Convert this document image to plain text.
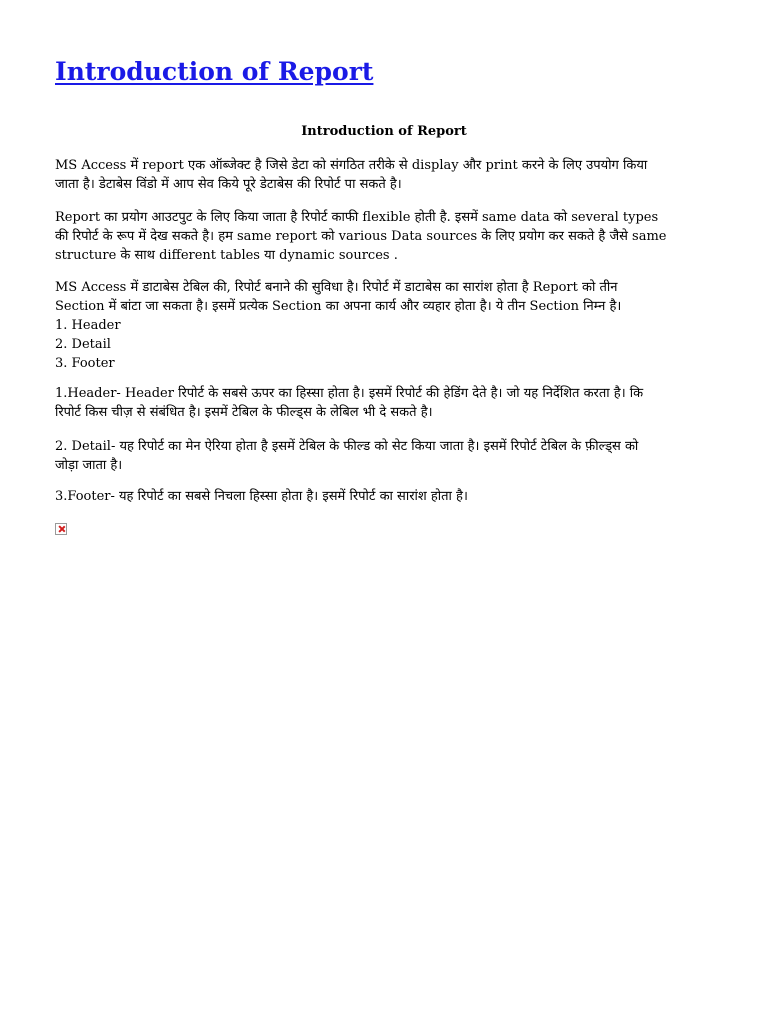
Introduction of Report
Introduction of Report

MS Access में report एक ऑब्जेक्ट है जिसे डेटा को संगठित तरीके से display और print करने के लिए उपयोग किया
जाता है। डेटाबेस विंडो में आप सेव किये पूरे डेटाबेस की रिपोर्ट पा सकते है।

Report का प्रयोग आउटपुट के लिए किया जाता है रिपोर्ट काफी flexible होती है. इसमें same data को several types
की रिपोर्ट के रूप में देख सकते है। हम same report को various Data sources के लिए प्रयोग कर सकते है जैसे same
structure के साथ different tables या dynamic sources .

MS Access में डाटाबेस टेबिल की, रिपोर्ट बनाने की सुविधा है। रिपोर्ट में डाटाबेस का सारांश होता है Report को तीन
Section में बांटा जा सकता है। इसमें प्रत्येक Section का अपना कार्य और व्यहार होता है। ये तीन Section निम्न है।
1. Header
2. Detail
3. Footer

1.Header- Header रिपोर्ट के सबसे ऊपर का हिस्सा होता है। इसमें रिपोर्ट की हेडिंग देते है। जो यह निर्देशित करता है। कि
रिपोर्ट किस चीज़ से संबंधित है। इसमें टेबिल के फील्ड्स के लेबिल भी दे सकते है।

2. Detail- यह रिपोर्ट का मेन ऐरिया होता है इसमें टेबिल के फील्ड को सेट किया जाता है। इसमें रिपोर्ट टेबिल के फ़ील्ड्स को
जोड़ा जाता है।

3.Footer- यह रिपोर्ट का सबसे निचला हिस्सा होता है। इसमें रिपोर्ट का सारांश होता है।
